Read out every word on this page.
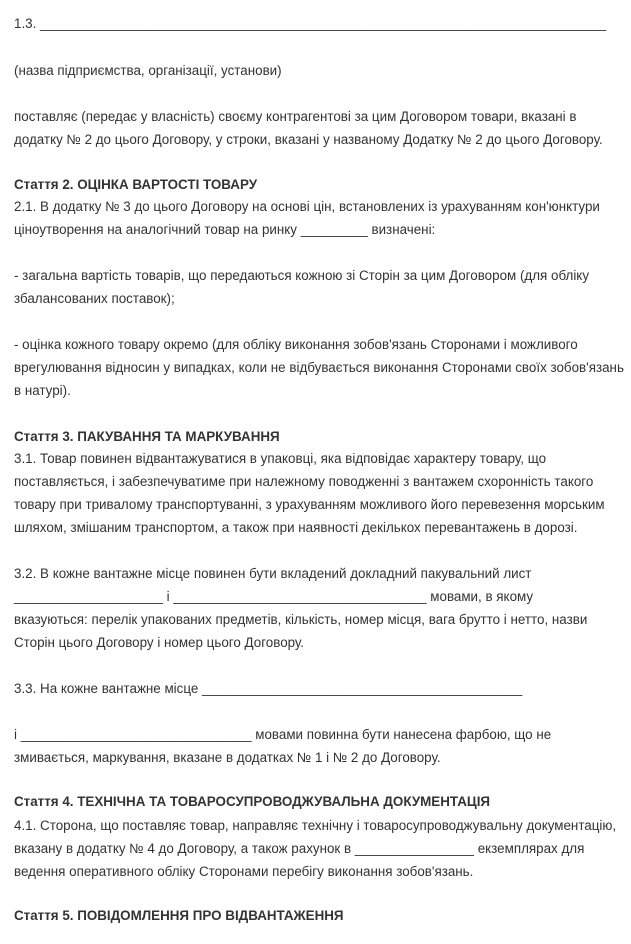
1.3. ____________________________________________________________________________
(назва підприємства, організації, установи)
поставляє (передає у власність) своєму контрагентові за цим Договором товари, вказані в
додатку № 2 до цього Договору, у строки, вказані у названому Додатку № 2 до цього Договору.
Стаття 2. ОЦІНКА ВАРТОСТІ ТОВАРУ
2.1. В додатку № 3 до цього Договору на основі цін, встановлених із урахуванням кон'юнктури
ціноутворення на аналогічний товар на ринку _________ визначені:
- загальна вартість товарів, що передаються кожною зі Сторін за цим Договором (для обліку
збалансованих поставок);
- оцінка кожного товару окремо (для обліку виконання зобов'язань Сторонами і можливого
врегулювання відносин у випадках, коли не відбувається виконання Сторонами своїх зобов'язань
в натурі).
Стаття 3. ПАКУВАННЯ ТА МАРКУВАННЯ
3.1. Товар повинен відвантажуватися в упаковці, яка відповідає характеру товару, що
поставляється, і забезпечуватиме при належному поводженні з вантажем схоронність такого
товару при тривалому транспортуванні, з урахуванням можливого його перевезення морським
шляхом, змішаним транспортом, а також при наявності декількох перевантажень в дорозі.
3.2. В кожне вантажне місце повинен бути вкладений докладний пакувальний лист
____________________ і __________________________________ мовами, в якому
вказуються: перелік упакованих предметів, кількість, номер місця, вага брутто і нетто, назви
Сторін цього Договору і номер цього Договору.
3.3. На кожне вантажне місце ___________________________________________
і _______________________________ мовами повинна бути нанесена фарбою, що не
змивається, маркування, вказане в додатках № 1 і № 2 до Договору.
Стаття 4. ТЕХНІЧНА ТА ТОВАРОСУПРОВОДЖУВАЛЬНА ДОКУМЕНТАЦІЯ
4.1. Сторона, що поставляє товар, направляє технічну і товаросупроводжувальну документацію,
вказану в додатку № 4 до Договору, а також рахунок в ________________ екземплярах для
ведення оперативного обліку Сторонами перебігу виконання зобов'язань.
Стаття 5. ПОВІДОМЛЕННЯ ПРО ВІДВАНТАЖЕННЯ
